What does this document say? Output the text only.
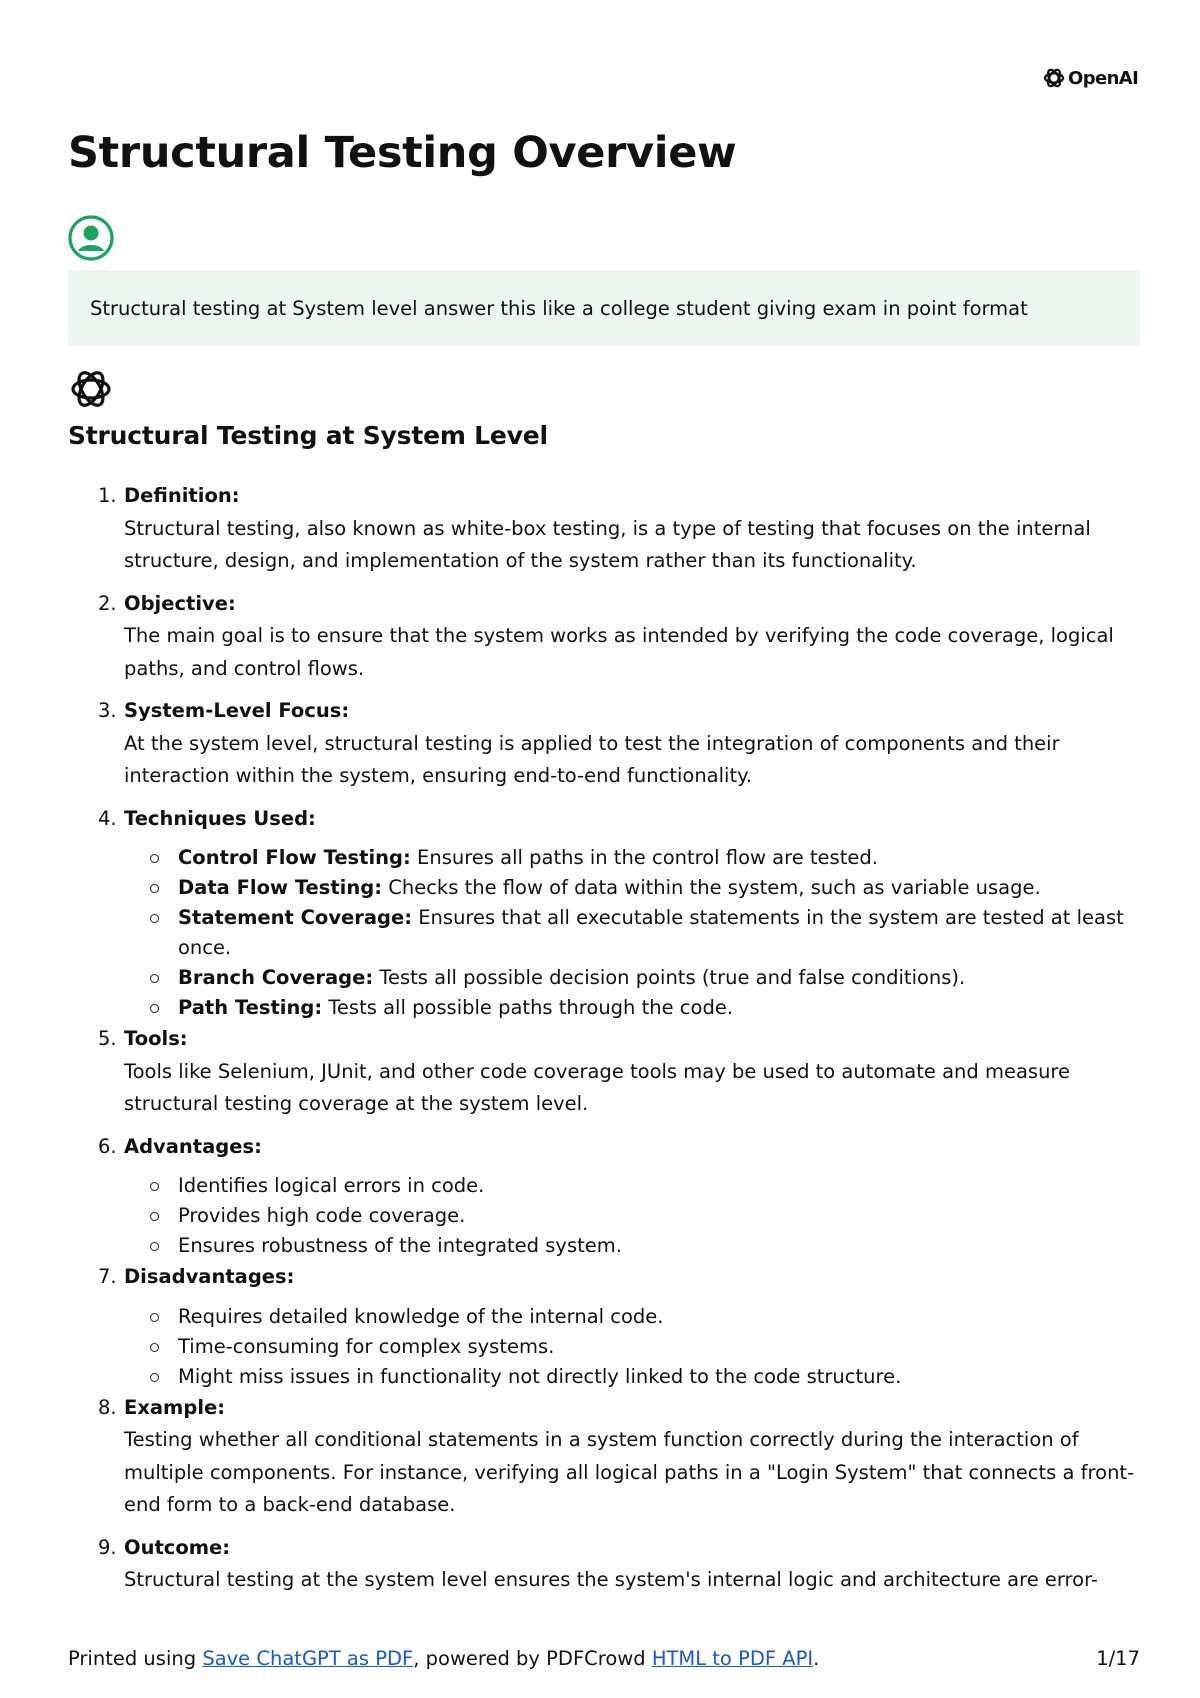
OpenAI
Structural Testing Overview
Structural testing at System level answer this like a college student giving exam in point format
Structural Testing at System Level
1. Definition:
Structural testing, also known as white-box testing, is a type of testing that focuses on the internal structure, design, and implementation of the system rather than its functionality.
2. Objective:
The main goal is to ensure that the system works as intended by verifying the code coverage, logical paths, and control flows.
3. System-Level Focus:
At the system level, structural testing is applied to test the integration of components and their interaction within the system, ensuring end-to-end functionality.
4. Techniques Used:
Control Flow Testing: Ensures all paths in the control flow are tested.
Data Flow Testing: Checks the flow of data within the system, such as variable usage.
Statement Coverage: Ensures that all executable statements in the system are tested at least once.
Branch Coverage: Tests all possible decision points (true and false conditions).
Path Testing: Tests all possible paths through the code.
5. Tools:
Tools like Selenium, JUnit, and other code coverage tools may be used to automate and measure structural testing coverage at the system level.
6. Advantages:
Identifies logical errors in code.
Provides high code coverage.
Ensures robustness of the integrated system.
7. Disadvantages:
Requires detailed knowledge of the internal code.
Time-consuming for complex systems.
Might miss issues in functionality not directly linked to the code structure.
8. Example:
Testing whether all conditional statements in a system function correctly during the interaction of multiple components. For instance, verifying all logical paths in a "Login System" that connects a front-end form to a back-end database.
9. Outcome:
Structural testing at the system level ensures the system's internal logic and architecture are error-
Printed using Save ChatGPT as PDF, powered by PDFCrowd HTML to PDF API.	1/17
